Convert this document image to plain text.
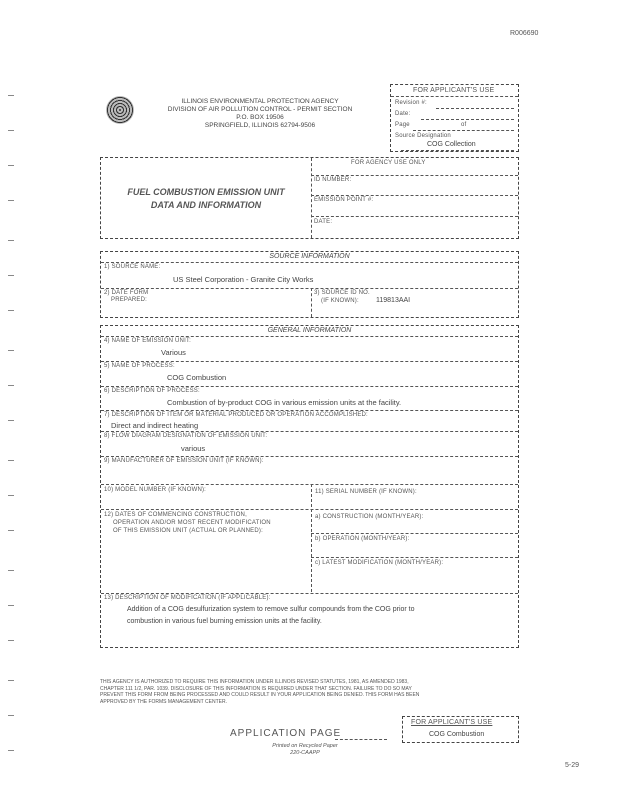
R006690
ILLINOIS ENVIRONMENTAL PROTECTION AGENCY
DIVISION OF AIR POLLUTION CONTROL - PERMIT SECTION
P.O. BOX 19506
SPRINGFIELD, ILLINOIS 62794-9506
FOR APPLICANT'S USE
Revision #:
Date:
Page	of
Source Designation
COG Collection
FUEL COMBUSTION EMISSION UNIT
DATA AND INFORMATION
FOR AGENCY USE ONLY
ID NUMBER:
EMISSION POINT #:
DATE:
SOURCE INFORMATION
1) SOURCE NAME:
US Steel Corporation - Granite City Works
2) DATE FORM
PREPARED:
3) SOURCE ID NO.
(IF KNOWN): 119813AAI
GENERAL INFORMATION
4) NAME OF EMISSION UNIT:
Various
5) NAME OF PROCESS:
COG Combustion
6) DESCRIPTION OF PROCESS:
Combustion of by-product COG in various emission units at the facility.
7) DESCRIPTION OF ITEM OR MATERIAL PRODUCED OR OPERATION ACCOMPLISHED:
Direct and indirect heating
8) FLOW DIAGRAM DESIGNATION OF EMISSION UNIT:
various
9) MANUFACTURER OF EMISSION UNIT (IF KNOWN):
10) MODEL NUMBER (IF KNOWN):	11) SERIAL NUMBER (IF KNOWN):
12) DATES OF COMMENCING CONSTRUCTION,
OPERATION AND/OR MOST RECENT MODIFICATION
OF THIS EMISSION UNIT (ACTUAL OR PLANNED):
a) CONSTRUCTION (MONTH/YEAR):
b) OPERATION (MONTH/YEAR):
c) LATEST MODIFICATION (MONTH/YEAR):
13) DESCRIPTION OF MODIFICATION (IF APPLICABLE):
Addition of a COG desulfurization system to remove sulfur compounds from the COG prior to
combustion in various fuel burning emission units at the facility.
THIS AGENCY IS AUTHORIZED TO REQUIRE THIS INFORMATION UNDER ILLINOIS REVISED STATUTES, 1981, AS AMENDED 1983,
CHAPTER 111 1/2, PAR. 1039. DISCLOSURE OF THIS INFORMATION IS REQUIRED UNDER THAT SECTION. FAILURE TO DO SO MAY
PREVENT THIS FORM FROM BEING PROCESSED AND COULD RESULT IN YOUR APPLICATION BEING DENIED. THIS FORM HAS BEEN
APPROVED BY THE FORMS MANAGEMENT CENTER.
APPLICATION PAGE
Printed on Recycled Paper
220-CAAPP
FOR APPLICANT'S USE
COG Combustion
5-29
